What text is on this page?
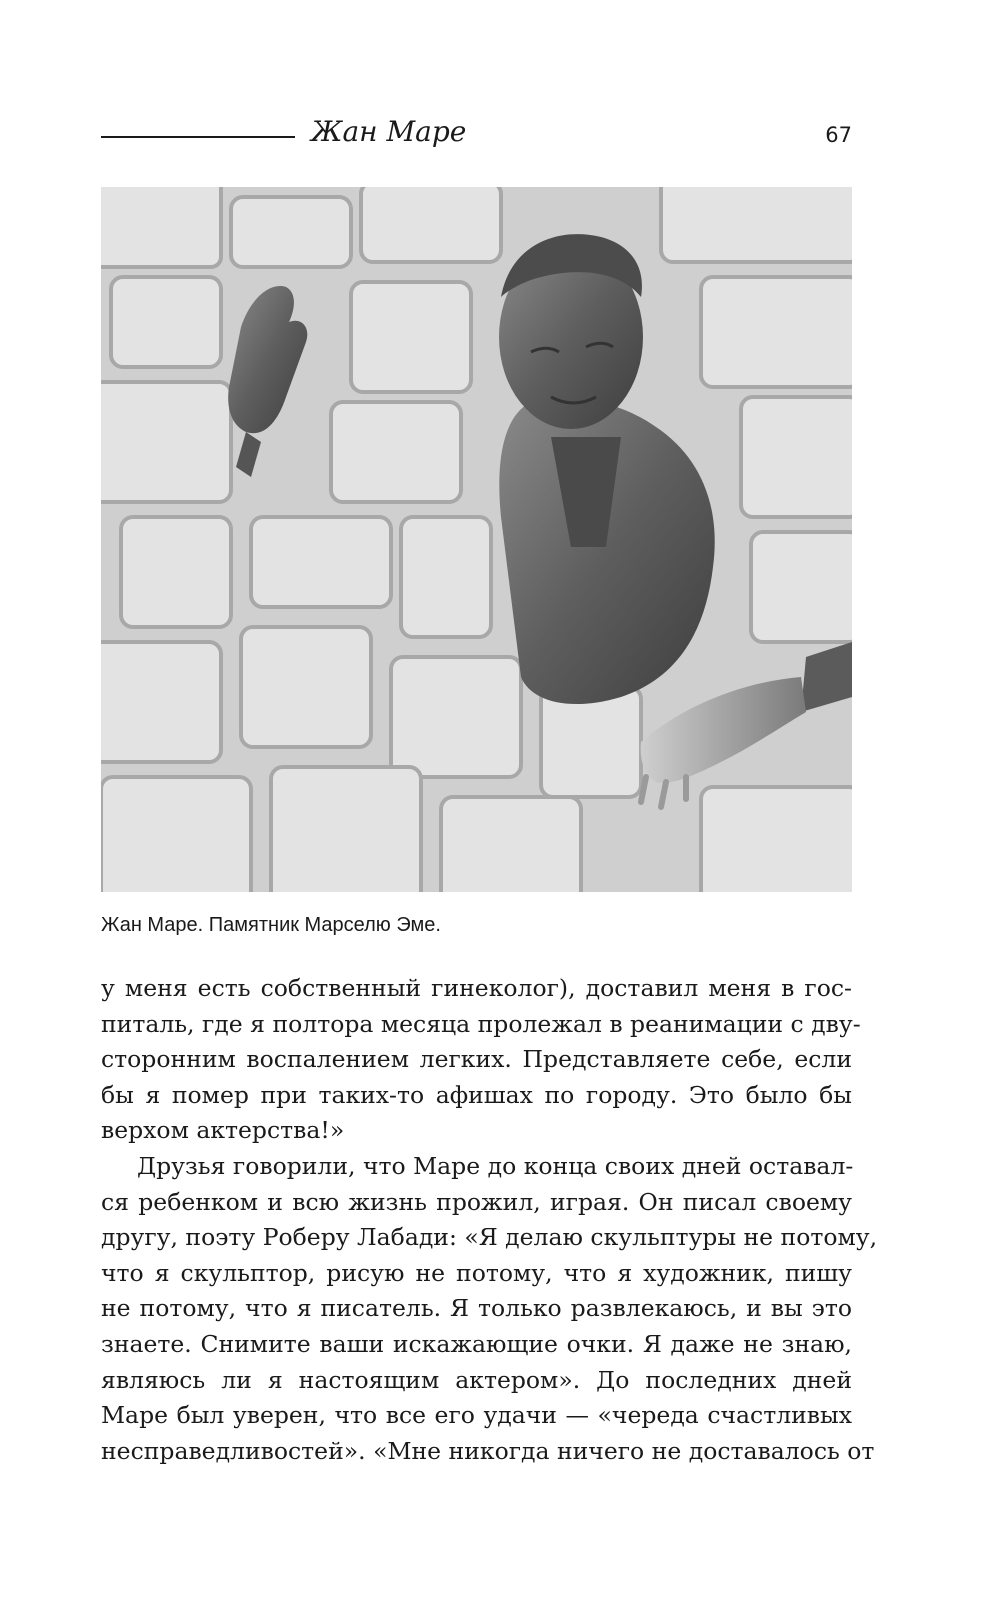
Жан Маре	67
Жан Маре. Памятник Марселю Эме.
у меня есть собственный гинеколог), доставил меня в гос-
питаль, где я полтора месяца пролежал в реанимации с дву-
сторонним воспалением легких. Представляете себе, если
бы я помер при таких-то афишах по городу. Это было бы
верхом актерства!»
Друзья говорили, что Маре до конца своих дней оставал-
ся ребенком и всю жизнь прожил, играя. Он писал своему
другу, поэту Роберу Лабади: «Я делаю скульптуры не потому,
что я скульптор, рисую не потому, что я художник, пишу
не потому, что я писатель. Я только развлекаюсь, и вы это
знаете. Снимите ваши искажающие очки. Я даже не знаю,
являюсь ли я настоящим актером». До последних дней
Маре был уверен, что все его удачи — «череда счастливых
несправедливостей». «Мне никогда ничего не доставалось от
